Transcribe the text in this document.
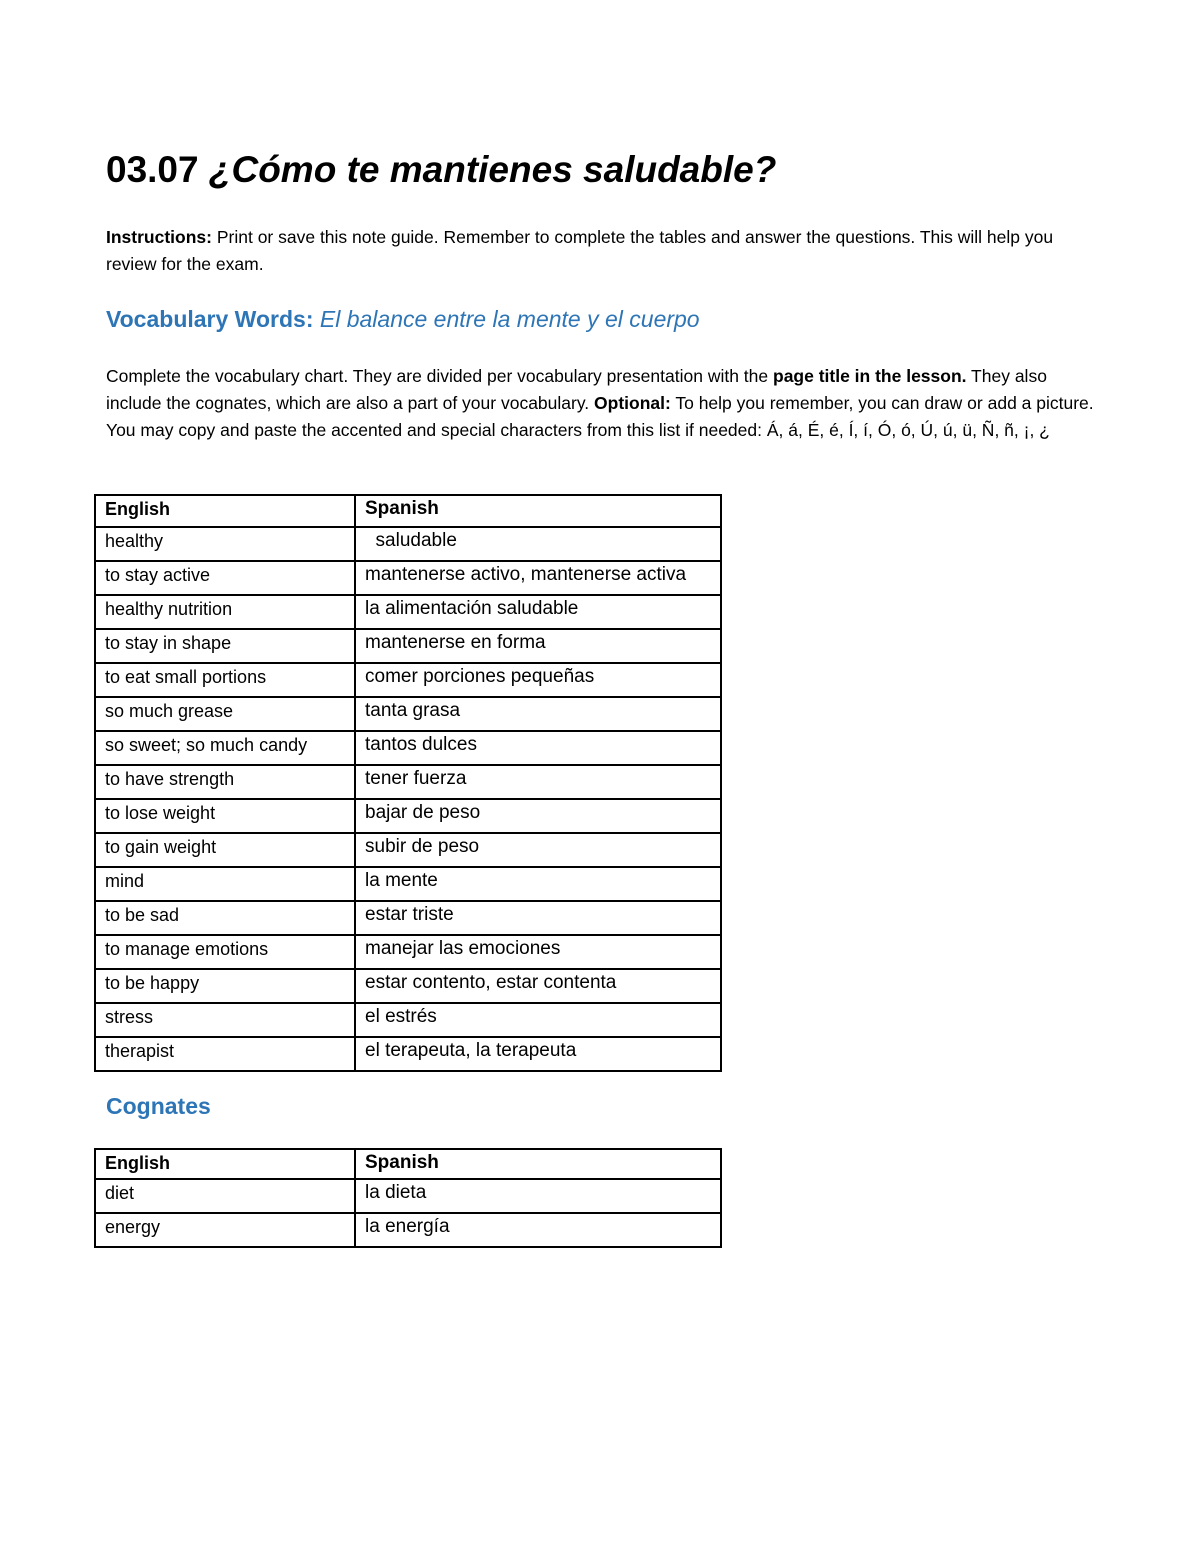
03.07 ¿Cómo te mantienes saludable?

Instructions: Print or save this note guide. Remember to complete the tables and answer the questions. This will help you review for the exam.

Vocabulary Words: El balance entre la mente y el cuerpo

Complete the vocabulary chart. They are divided per vocabulary presentation with the page title in the lesson. They also include the cognates, which are also a part of your vocabulary. Optional: To help you remember, you can draw or add a picture. You may copy and paste the accented and special characters from this list if needed: Á, á, É, é, Í, í, Ó, ó, Ú, ú, ü, Ñ, ñ, ¡, ¿

English	Spanish
healthy	saludable
to stay active	mantenerse activo, mantenerse activa
healthy nutrition	la alimentación saludable
to stay in shape	mantenerse en forma
to eat small portions	comer porciones pequeñas
so much grease	tanta grasa
so sweet; so much candy	tantos dulces
to have strength	tener fuerza
to lose weight	bajar de peso
to gain weight	subir de peso
mind	la mente
to be sad	estar triste
to manage emotions	manejar las emociones
to be happy	estar contento, estar contenta
stress	el estrés
therapist	el terapeuta, la terapeuta
Cognates
English	Spanish
diet	la dieta
energy	la energía
